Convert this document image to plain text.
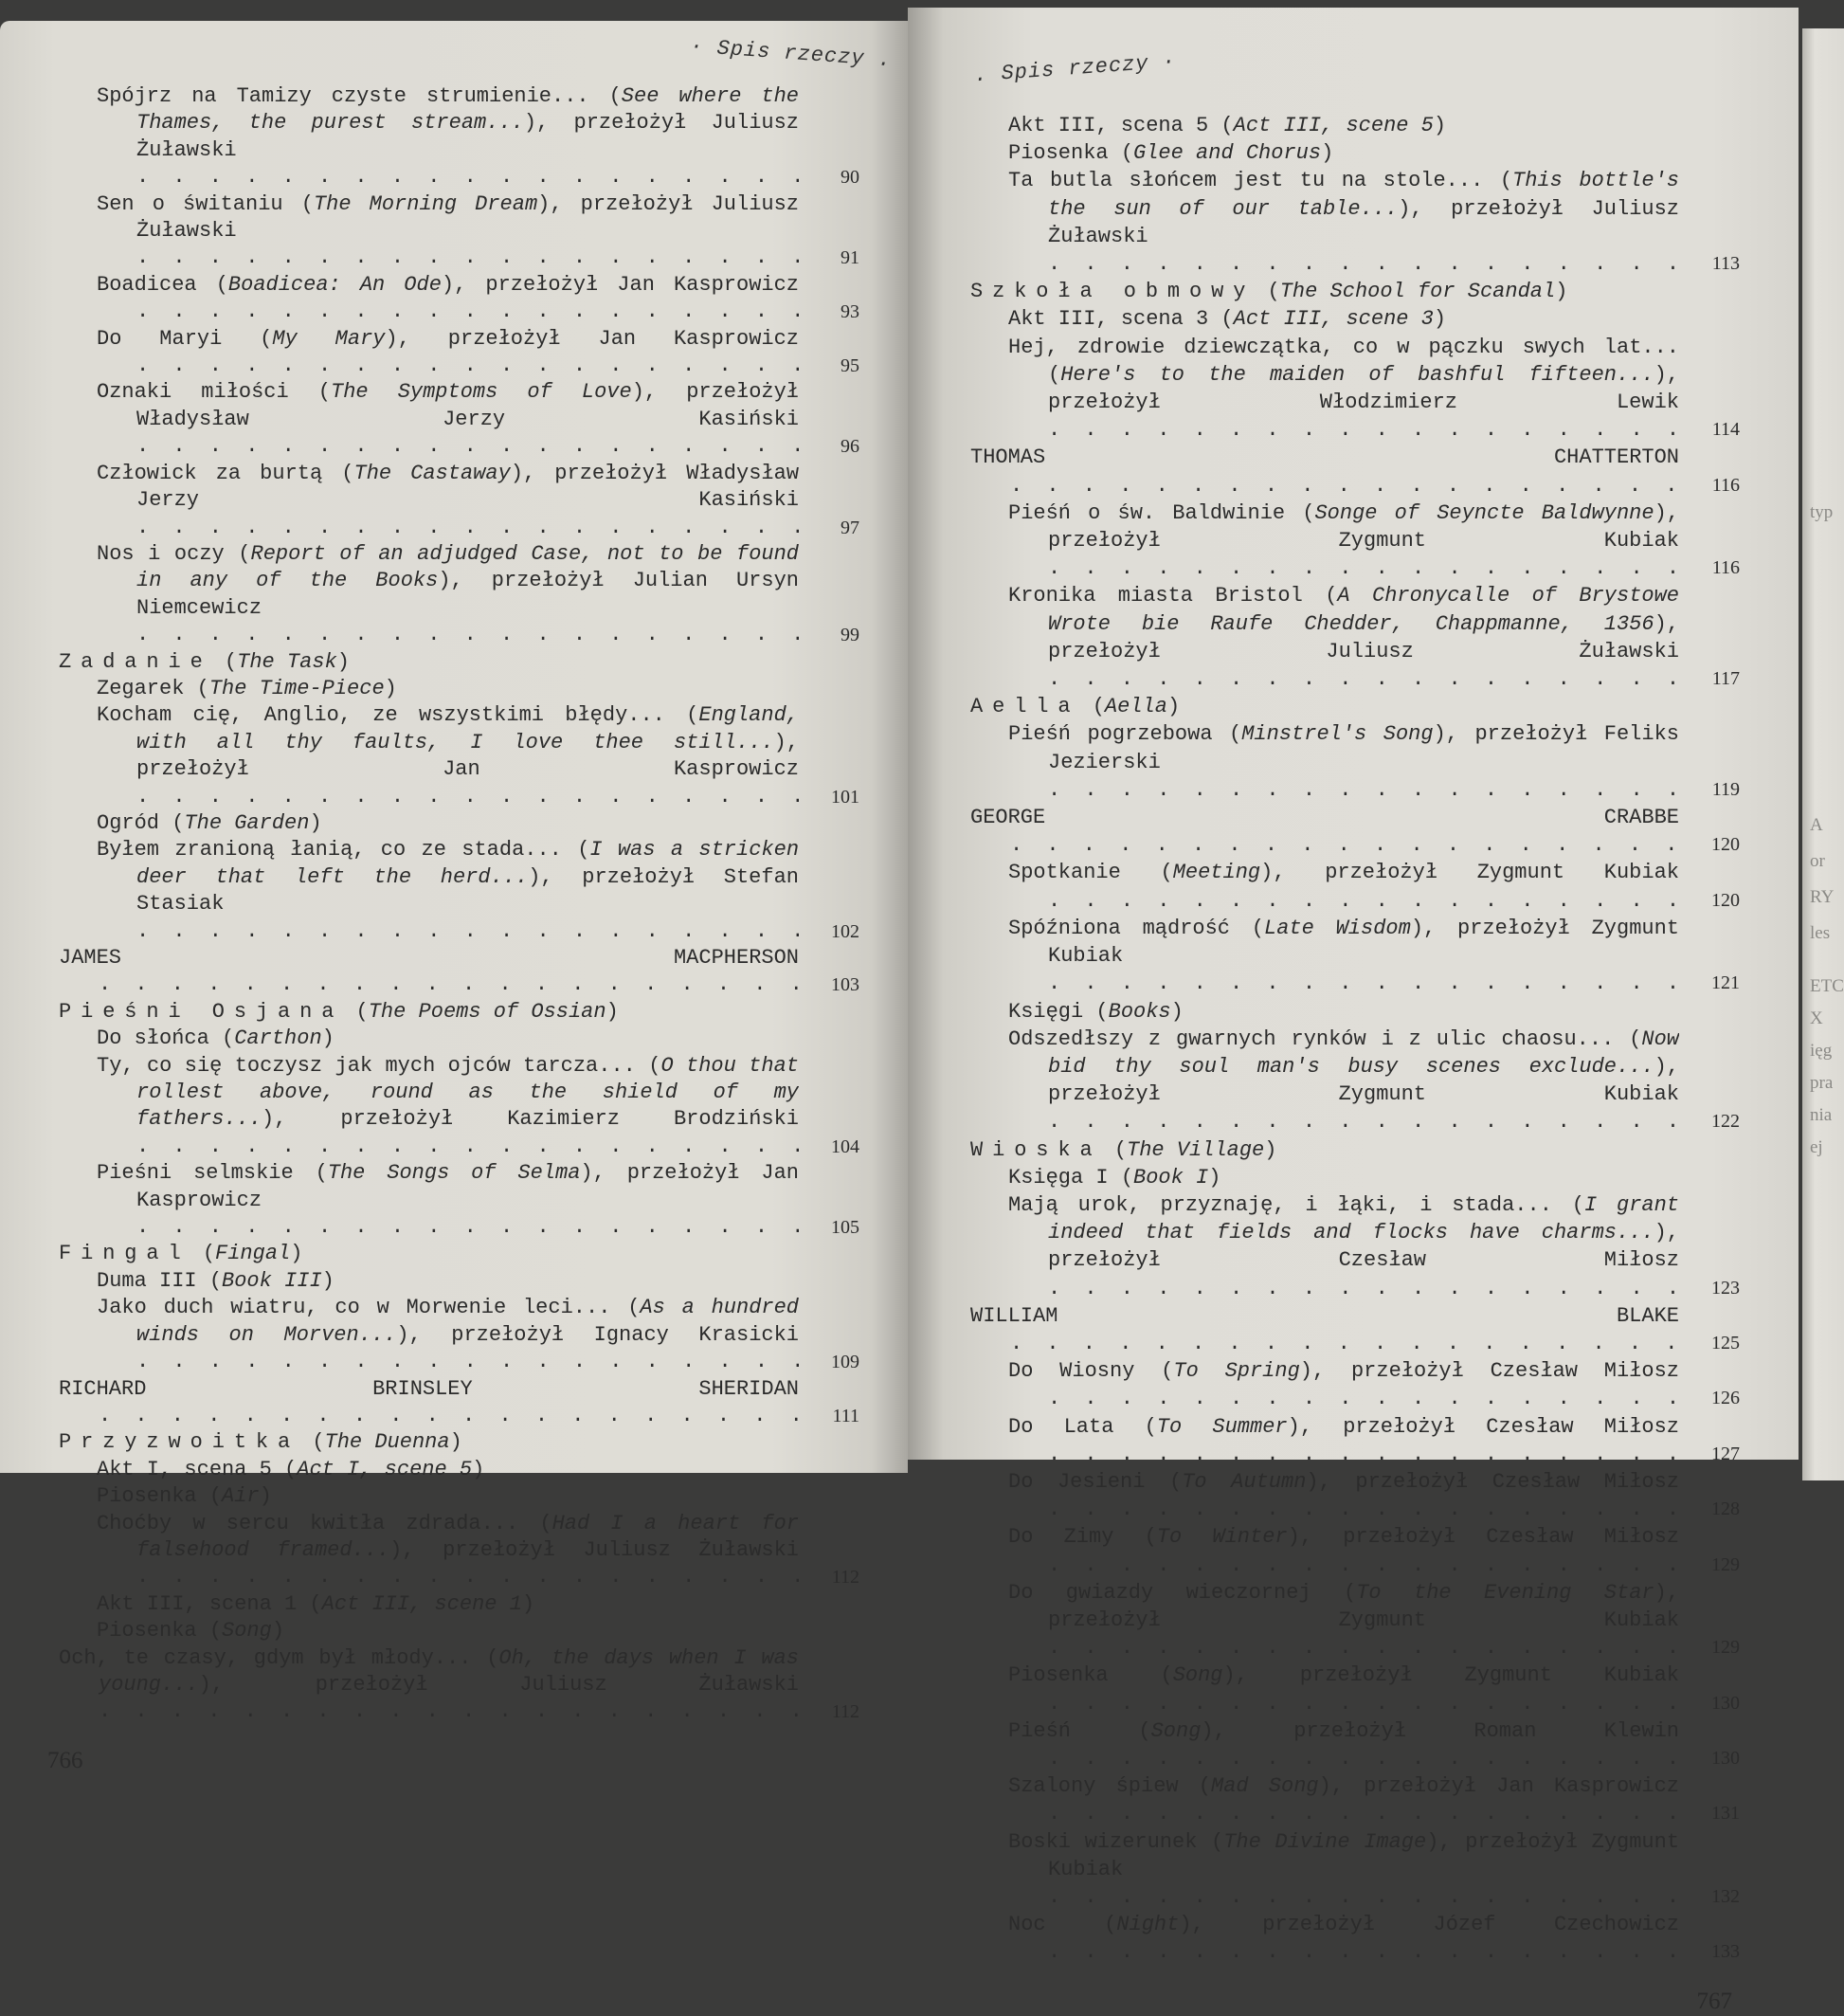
· Spis rzeczy .
Spójrz na Tamizy czyste strumienie... (See where the Thames, the purest stream...), przełożył Juliusz Żuławski . . .
90
Sen o świtaniu (The Morning Dream), przełożył Juliusz Żuławski . . .
91
Boadicea (Boadicea: An Ode), przełożył Jan Kasprowicz . . .
93
Do Maryi (My Mary), przełożył Jan Kasprowicz . . .
95
Oznaki miłości (The Symptoms of Love), przełożył Władysław Jerzy Kasiński . . .
96
Człowick za burtą (The Castaway), przełożył Władysław Jerzy Kasiński . . .
97
Nos i oczy (Report of an adjudged Case, not to be found in any of the Books), przełożył Julian Ursyn Niemcewicz . . .
99
Zadanie (The Task)
Zegarek (The Time-Piece)
Kocham cię, Anglio, ze wszystkimi błędy... (England, with all thy faults, I love thee still...), przełożył Jan Kasprowicz . . .
101
Ogród (The Garden)
Byłem zranioną łanią, co ze stada... (I was a stricken deer that left the herd...), przełożył Stefan Stasiak . . .
102
JAMES MACPHERSON . . .
103
Pieśni Osjana (The Poems of Ossian)
Do słońca (Carthon)
Ty, co się toczysz jak mych ojców tarcza... (O thou that rollest above, round as the shield of my fathers...), przełożył Kazimierz Brodziński . . .
104
Pieśni selmskie (The Songs of Selma), przełożył Jan Kasprowicz . . .
105
Fingal (Fingal)
Duma III (Book III)
Jako duch wiatru, co w Morwenie leci... (As a hundred winds on Morven...), przełożył Ignacy Krasicki . . .
109
RICHARD BRINSLEY SHERIDAN . . .
111
Przyzwoitka (The Duenna)
Akt I, scena 5 (Act I, scene 5)
Piosenka (Air)
Choćby w sercu kwitła zdrada... (Had I a heart for falsehood framed...), przełożył Juliusz Żuławski . . .
112
Akt III, scena 1 (Act III, scene 1)
Piosenka (Song)
Och, te czasy, gdym był młody... (Oh, the days when I was young...), przełożył Juliusz Żuławski . . .
112
766
. Spis rzeczy ·
Akt III, scena 5 (Act III, scene 5)
Piosenka (Glee and Chorus)
Ta butla słońcem jest tu na stole... (This bottle's the sun of our table...), przełożył Juliusz Żuławski . . .
113
Szkoła obmowy (The School for Scandal)
Akt III, scena 3 (Act III, scene 3)
Hej, zdrowie dziewczątka, co w pączku swych lat... (Here's to the maiden of bashful fifteen...), przełożył Włodzimierz Lewik . . .
114
THOMAS CHATTERTON . . .
116
Pieśń o św. Baldwinie (Songe of Seyncte Baldwynne), przełożył Zygmunt Kubiak . . .
116
Kronika miasta Bristol (A Chronycalle of Brystowe Wrote bie Raufe Chedder, Chappmanne, 1356), przełożył Juliusz Żuławski . . .
117
Aella (Aella)
Pieśń pogrzebowa (Minstrel's Song), przełożył Feliks Jezierski . . .
119
GEORGE CRABBE . . .
120
Spotkanie (Meeting), przełożył Zygmunt Kubiak . . .
120
Spóźniona mądrość (Late Wisdom), przełożył Zygmunt Kubiak . . .
121
Księgi (Books)
Odszedłszy z gwarnych rynków i z ulic chaosu... (Now bid thy soul man's busy scenes exclude...), przełożył Zygmunt Kubiak . . .
122
Wioska (The Village)
Księga I (Book I)
Mają urok, przyznaję, i łąki, i stada... (I grant indeed that fields and flocks have charms...), przełożył Czesław Miłosz . . .
123
WILLIAM BLAKE . . .
125
Do Wiosny (To Spring), przełożył Czesław Miłosz . . .
126
Do Lata (To Summer), przełożył Czesław Miłosz . . .
127
Do Jesieni (To Autumn), przełożył Czesław Miłosz . . .
128
Do Zimy (To Winter), przełożył Czesław Miłosz . . .
129
Do gwiazdy wieczornej (To the Evening Star), przełożył Zygmunt Kubiak . . .
129
Piosenka (Song), przełożył Zygmunt Kubiak . . .
130
Pieśń (Song), przełożył Roman Klewin . . .
130
Szalony śpiew (Mad Song), przełożył Jan Kasprowicz . . .
131
Boski wizerunek (The Divine Image), przełożył Zygmunt Kubiak . . .
132
Noc (Night), przełożył Józef Czechowicz . . .
133
767
typ
A
or
RY
les
ETC
X
ięg
pra
nia
ej
